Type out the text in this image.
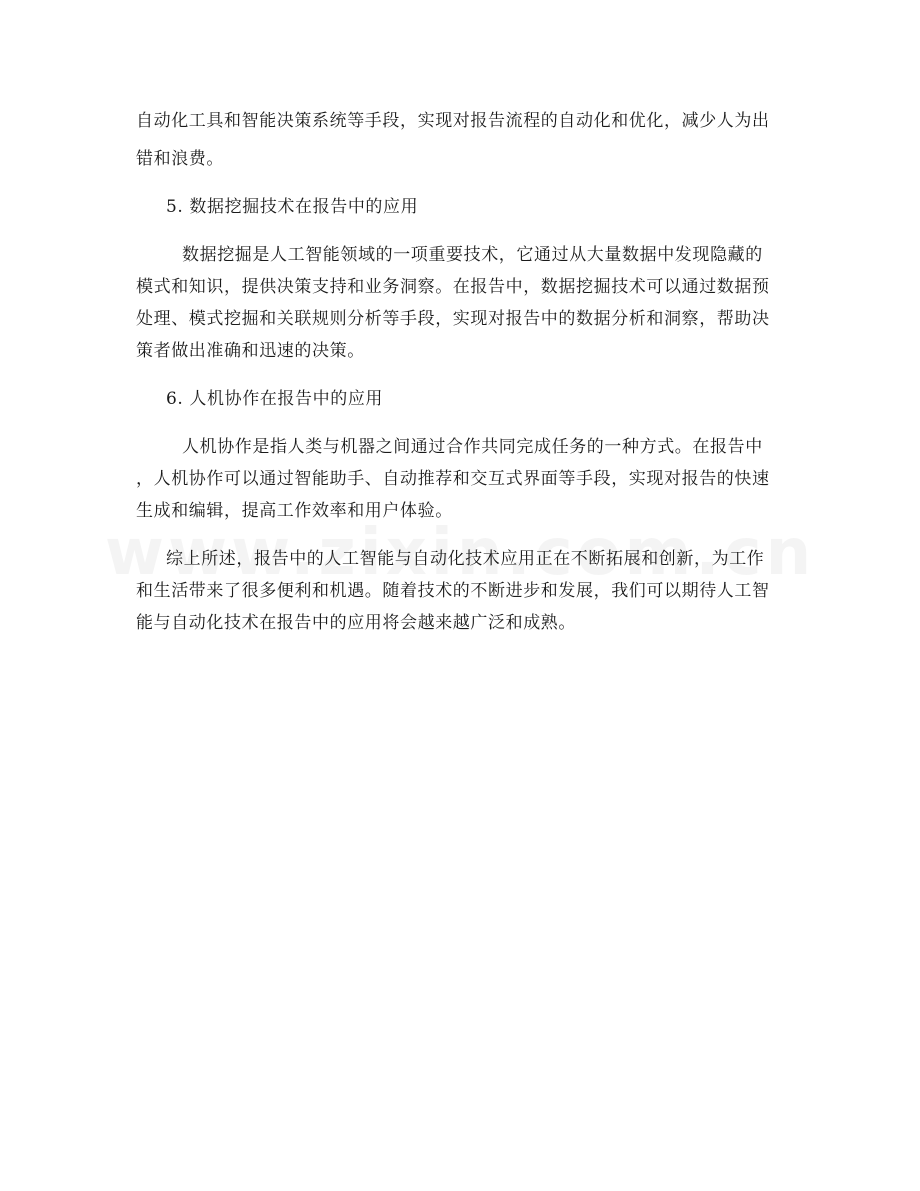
自动化工具和智能决策系统等手段，实现对报告流程的自动化和优化，减少人为出
错和浪费。
5. 数据挖掘技术在报告中的应用
数据挖掘是人工智能领域的一项重要技术，它通过从大量数据中发现隐藏的
模式和知识，提供决策支持和业务洞察。在报告中，数据挖掘技术可以通过数据预
处理、模式挖掘和关联规则分析等手段，实现对报告中的数据分析和洞察，帮助决
策者做出准确和迅速的决策。
6. 人机协作在报告中的应用
人机协作是指人类与机器之间通过合作共同完成任务的一种方式。在报告中
，人机协作可以通过智能助手、自动推荐和交互式界面等手段，实现对报告的快速
生成和编辑，提高工作效率和用户体验。
综上所述，报告中的人工智能与自动化技术应用正在不断拓展和创新，为工作
和生活带来了很多便利和机遇。随着技术的不断进步和发展，我们可以期待人工智
能与自动化技术在报告中的应用将会越来越广泛和成熟。
